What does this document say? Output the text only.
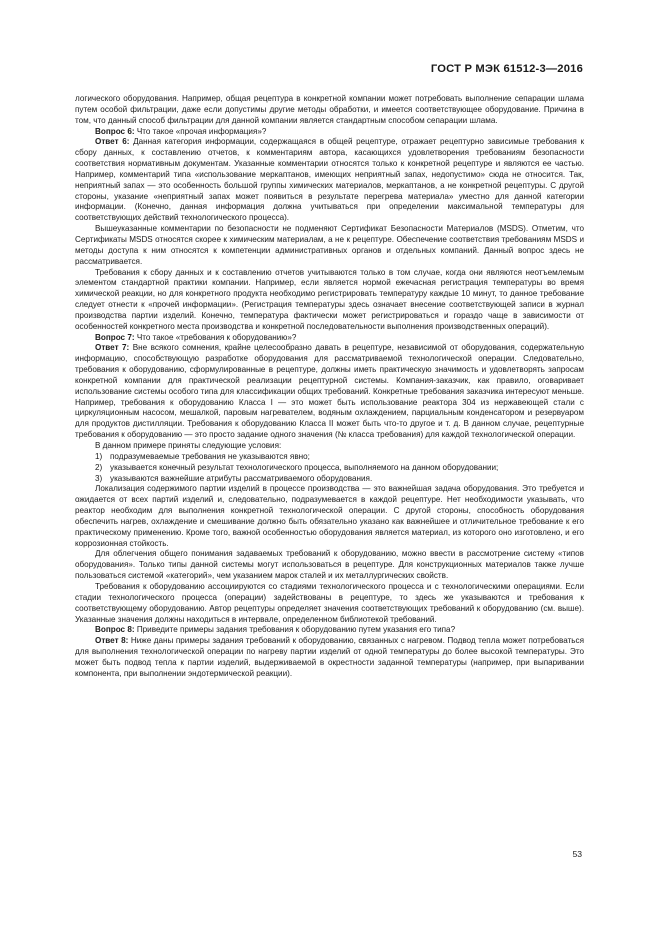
ГОСТ Р МЭК 61512-3—2016

логического оборудования. Например, общая рецептура в конкретной компании может потребовать выполнение сепарации шлама путем особой фильтрации, даже если допустимы другие методы обработки, и имеется соответствующее оборудование. Причина в том, что данный способ фильтрации для данной компании является стандартным способом сепарации шлама.

Вопрос 6: Что такое «прочая информация»?

Ответ 6: Данная категория информации, содержащаяся в общей рецептуре, отражает рецептурно зависимые требования к сбору данных, к составлению отчетов, к комментариям автора, касающихся удовлетворения требованиям безопасности соответствия нормативным документам. Указанные комментарии относятся только к конкретной рецептуре и являются ее частью. Например, комментарий типа «использование меркаптанов, имеющих неприятный запах, недопустимо» сюда не относится. Так, неприятный запах — это особенность большой группы химических материалов, меркаптанов, а не конкретной рецептуры. С другой стороны, указание «неприятный запах может появиться в результате перегрева материала» уместно для данной категории информации. (Конечно, данная информация должна учитываться при определении максимальной температуры для соответствующих действий технологического процесса).

Вышеуказанные комментарии по безопасности не подменяют Сертификат Безопасности Материалов (MSDS). Отметим, что Сертификаты MSDS относятся скорее к химическим материалам, а не к рецептуре. Обеспечение соответствия требованиям MSDS и методы доступа к ним относятся к компетенции административных органов и отдельных компаний. Данный вопрос здесь не рассматривается.

Требования к сбору данных и к составлению отчетов учитываются только в том случае, когда они являются неотъемлемым элементом стандартной практики компании. Например, если является нормой ежечасная регистрация температуры во время химической реакции, но для конкретного продукта необходимо регистрировать температуру каждые 10 минут, то данное требование следует отнести к «прочей информации». (Регистрация температуры здесь означает внесение соответствующей записи в журнал производства партии изделий. Конечно, температура фактически может регистрироваться и гораздо чаще в зависимости от особенностей конкретного места производства и конкретной последовательности выполнения производственных операций).

Вопрос 7: Что такое «требования к оборудованию»?

Ответ 7: Вне всякого сомнения, крайне целесообразно давать в рецептуре, независимой от оборудования, содержательную информацию, способствующую разработке оборудования для рассматриваемой технологической операции. Следовательно, требования к оборудованию, сформулированные в рецептуре, должны иметь практическую значимость и удовлетворять запросам конкретной компании для практической реализации рецептурной системы. Компания-заказчик, как правило, оговаривает использование системы особого типа для классификации общих требований. Конкретные требования заказчика интересуют меньше. Например, требования к оборудованию Класса I — это может быть использование реактора 304 из нержавеющей стали с циркуляционным насосом, мешалкой, паровым нагревателем, водяным охлаждением, парциальным конденсатором и резервуаром для продуктов дистилляции. Требования к оборудованию Класса II может быть что-то другое и т. д. В данном случае, рецептурные требования к оборудованию — это просто задание одного значения (№ класса требования) для каждой технологической операции.

В данном примере приняты следующие условия:

1) подразумеваемые требования не указываются явно;
2) указывается конечный результат технологического процесса, выполняемого на данном оборудовании;
3) указываются важнейшие атрибуты рассматриваемого оборудования.

Локализация содержимого партии изделий в процессе производства — это важнейшая задача оборудования. Это требуется и ожидается от всех партий изделий и, следовательно, подразумевается в каждой рецептуре. Нет необходимости указывать, что реактор необходим для выполнения конкретной технологической операции. С другой стороны, способность оборудования обеспечить нагрев, охлаждение и смешивание должно быть обязательно указано как важнейшее и отличительное требование к его практическому применению. Кроме того, важной особенностью оборудования является материал, из которого оно изготовлено, и его коррозионная стойкость.

Для облегчения общего понимания задаваемых требований к оборудованию, можно ввести в рассмотрение систему «типов оборудования». Только типы данной системы могут использоваться в рецептуре. Для конструкционных материалов также лучше пользоваться системой «категорий», чем указанием марок сталей и их металлургических свойств.

Требования к оборудованию ассоциируются со стадиями технологического процесса и с технологическими операциями. Если стадии технологического процесса (операции) задействованы в рецептуре, то здесь же указываются и требования к соответствующему оборудованию. Автор рецептуры определяет значения соответствующих требований к оборудованию (см. выше). Указанные значения должны находиться в интервале, определенном библиотекой требований.

Вопрос 8: Приведите примеры задания требования к оборудованию путем указания его типа?

Ответ 8: Ниже даны примеры задания требований к оборудованию, связанных с нагревом. Подвод тепла может потребоваться для выполнения технологической операции по нагреву партии изделий от одной температуры до более высокой температуры. Это может быть подвод тепла к партии изделий, выдерживаемой в окрестности заданной температуры (например, при выпаривании компонента, при выполнении эндотермической реакции).

53
